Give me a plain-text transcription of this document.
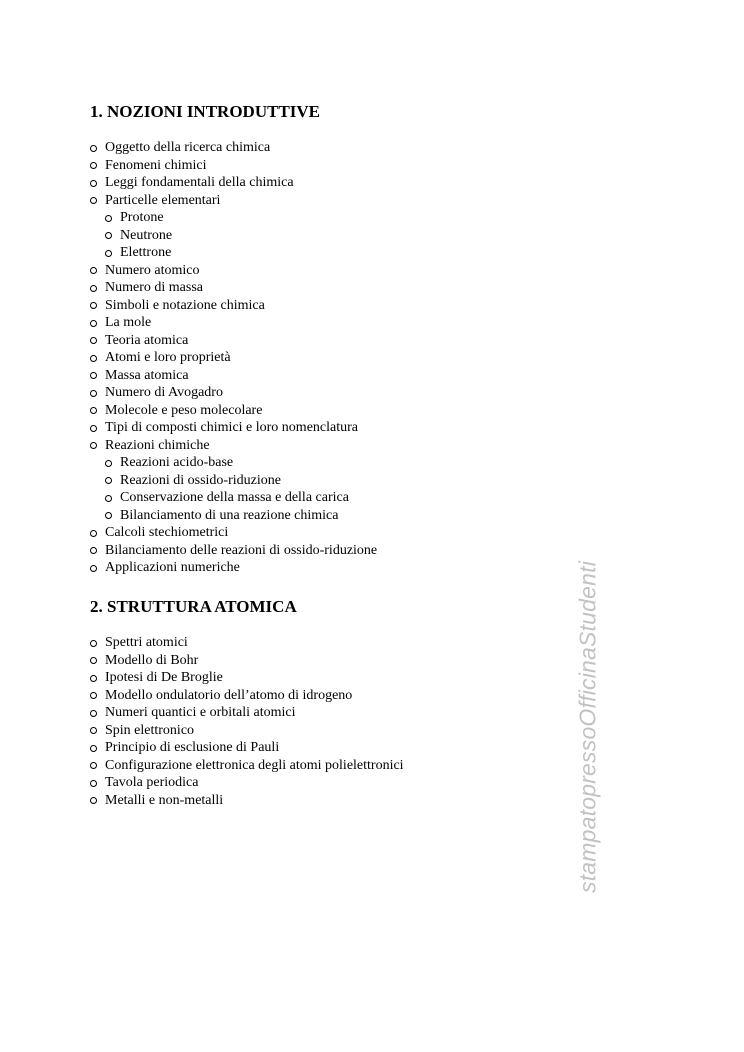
1. NOZIONI INTRODUTTIVE
Oggetto della ricerca chimica
Fenomeni chimici
Leggi fondamentali della chimica
Particelle elementari
Protone
Neutrone
Elettrone
Numero atomico
Numero di massa
Simboli e notazione chimica
La mole
Teoria atomica
Atomi e loro proprietà
Massa atomica
Numero di Avogadro
Molecole e peso molecolare
Tipi di composti chimici e loro nomenclatura
Reazioni chimiche
Reazioni acido-base
Reazioni di ossido-riduzione
Conservazione della massa e della carica
Bilanciamento di una reazione chimica
Calcoli stechiometrici
Bilanciamento delle reazioni di ossido-riduzione
Applicazioni numeriche
2. STRUTTURA ATOMICA
Spettri atomici
Modello di Bohr
Ipotesi di De Broglie
Modello ondulatorio dell’atomo di idrogeno
Numeri quantici e orbitali atomici
Spin elettronico
Principio di esclusione di Pauli
Configurazione elettronica degli atomi polielettronici
Tavola periodica
Metalli e non-metalli	stampatopressoOfficinaStudenti
